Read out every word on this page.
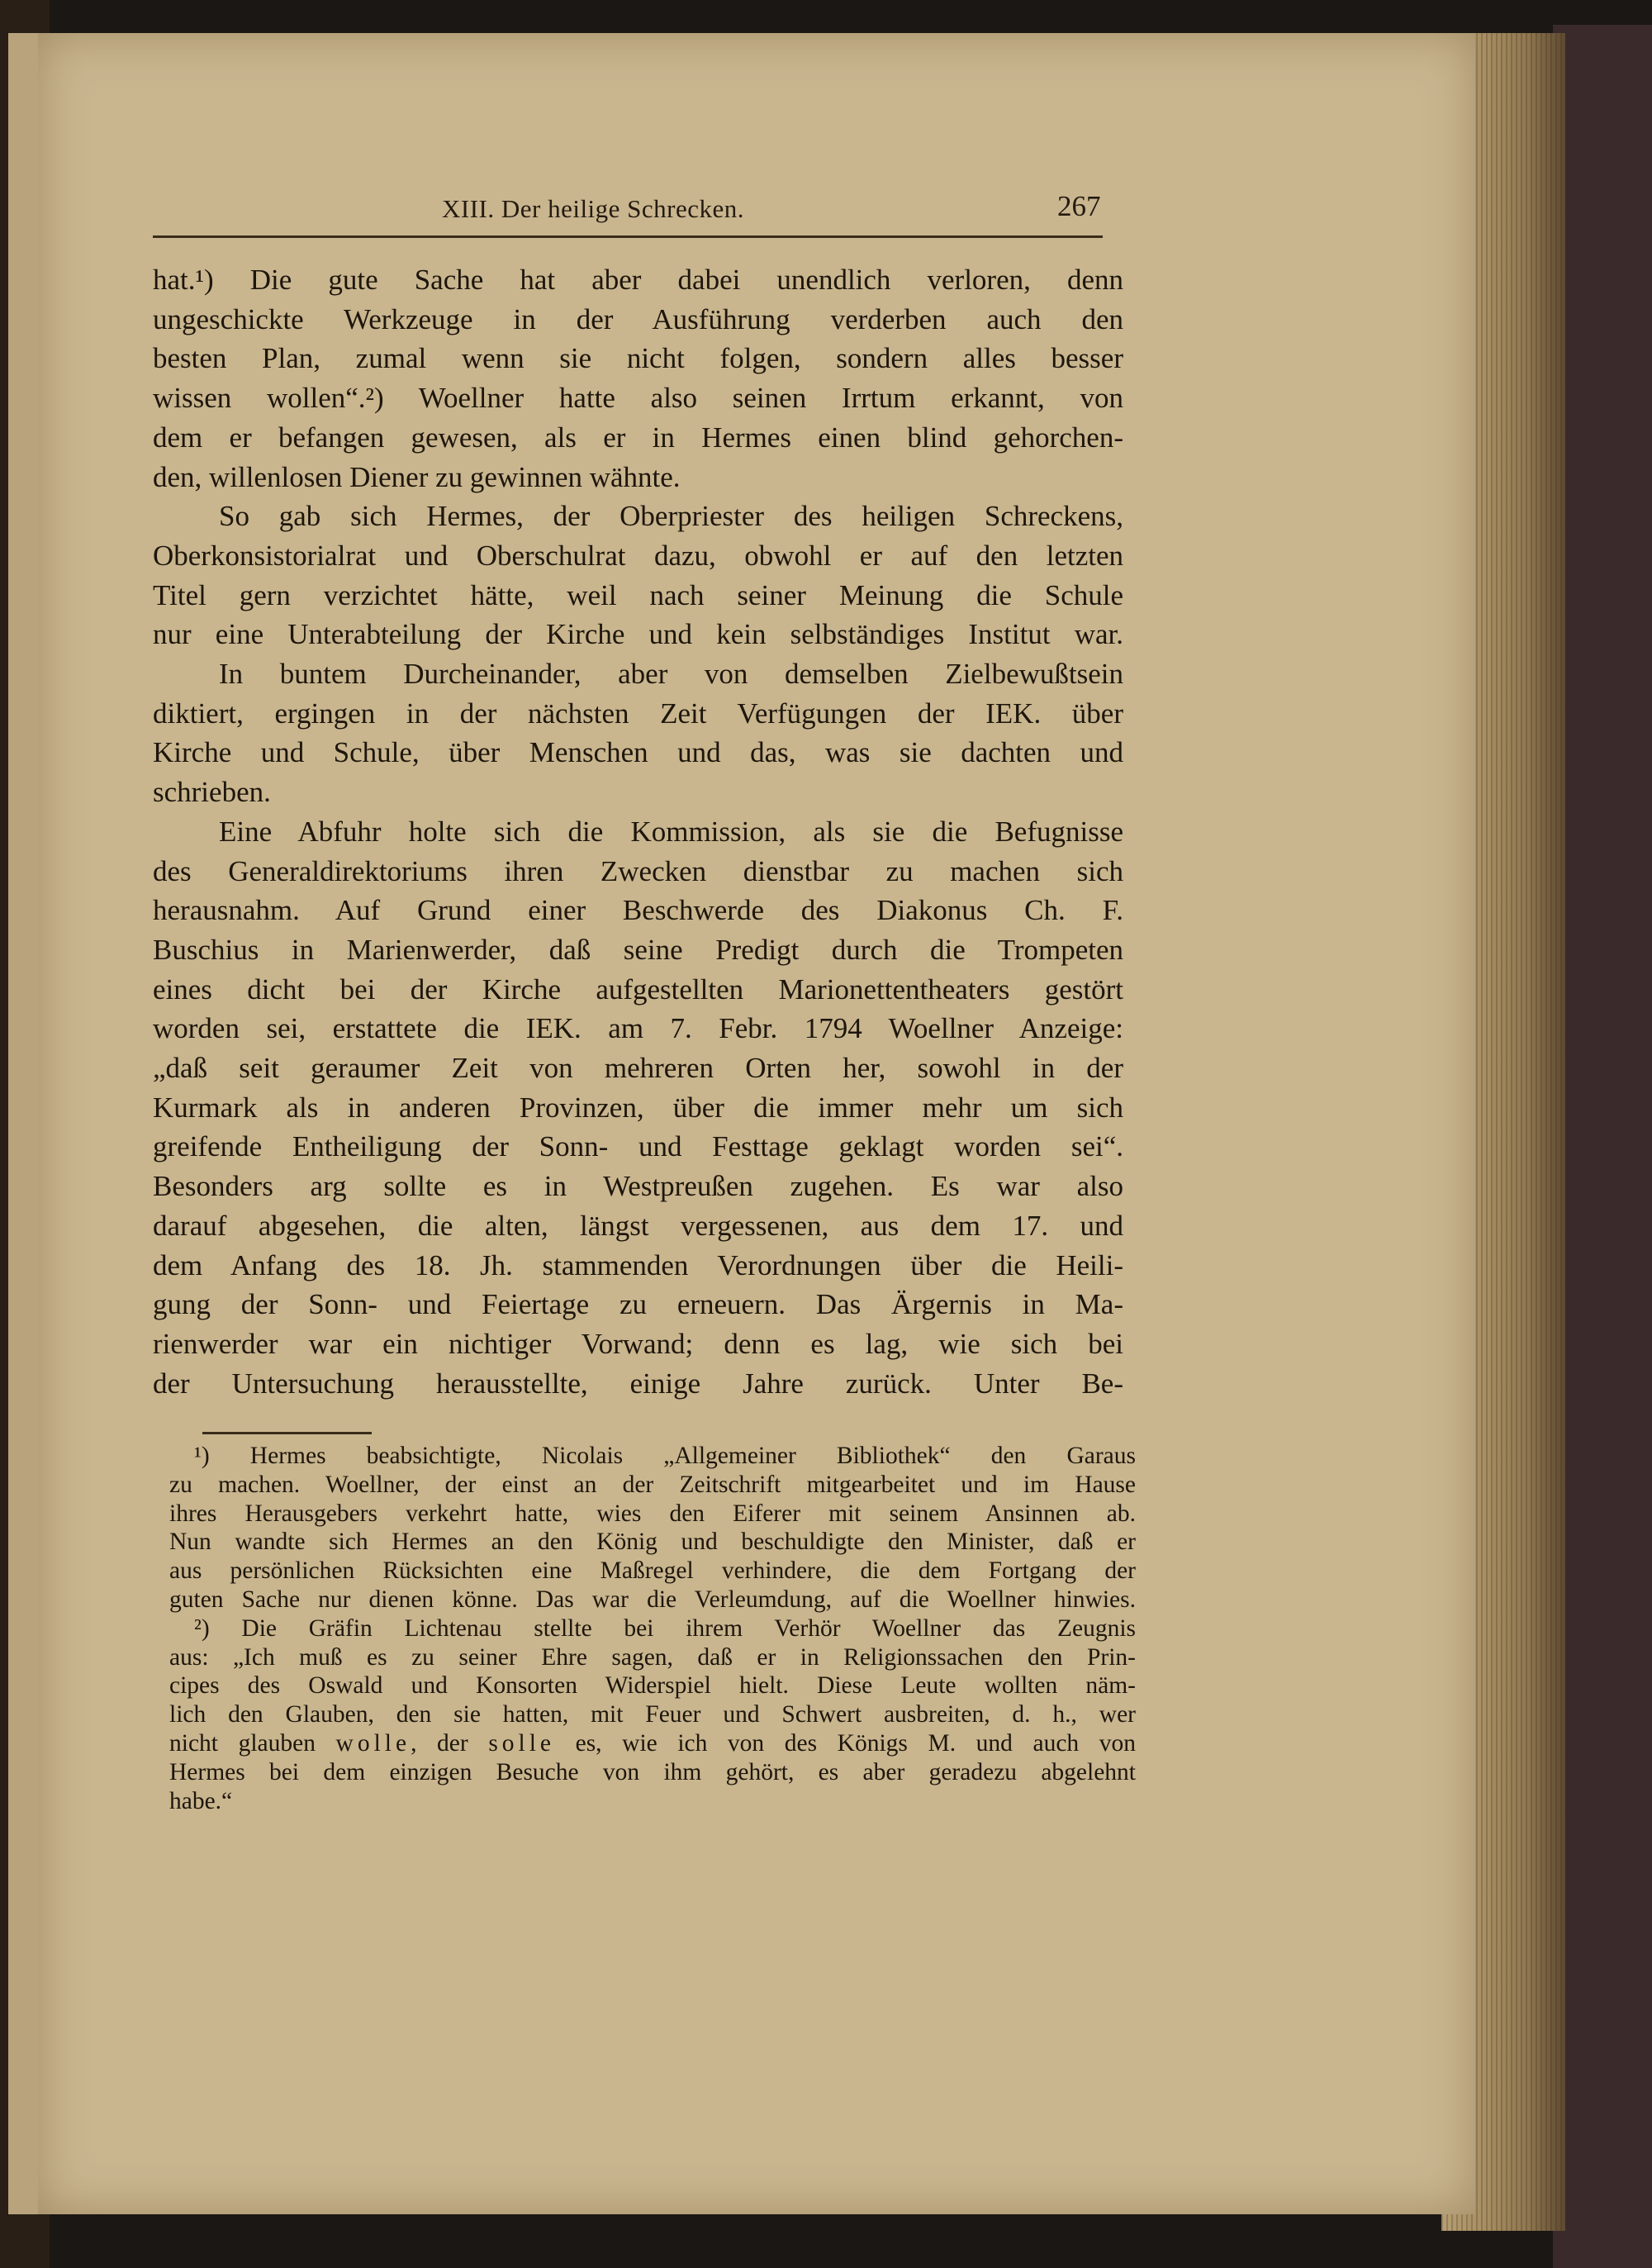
XIII. Der heilige Schrecken.	267
hat.¹) Die gute Sache hat aber dabei unendlich verloren, denn
ungeschickte Werkzeuge in der Ausführung verderben auch den
besten Plan, zumal wenn sie nicht folgen, sondern alles besser
wissen wollen“.²) Woellner hatte also seinen Irrtum erkannt, von
dem er befangen gewesen, als er in Hermes einen blind gehorchen-
den, willenlosen Diener zu gewinnen wähnte.
So gab sich Hermes, der Oberpriester des heiligen Schreckens,
Oberkonsistorialrat und Oberschulrat dazu, obwohl er auf den letzten
Titel gern verzichtet hätte, weil nach seiner Meinung die Schule
nur eine Unterabteilung der Kirche und kein selbständiges Institut war.
In buntem Durcheinander, aber von demselben Zielbewußtsein
diktiert, ergingen in der nächsten Zeit Verfügungen der IEK. über
Kirche und Schule, über Menschen und das, was sie dachten und
schrieben.
Eine Abfuhr holte sich die Kommission, als sie die Befugnisse
des Generaldirektoriums ihren Zwecken dienstbar zu machen sich
herausnahm. Auf Grund einer Beschwerde des Diakonus Ch. F.
Buschius in Marienwerder, daß seine Predigt durch die Trompeten
eines dicht bei der Kirche aufgestellten Marionettentheaters gestört
worden sei, erstattete die IEK. am 7. Febr. 1794 Woellner Anzeige:
„daß seit geraumer Zeit von mehreren Orten her, sowohl in der
Kurmark als in anderen Provinzen, über die immer mehr um sich
greifende Entheiligung der Sonn- und Festtage geklagt worden sei“.
Besonders arg sollte es in Westpreußen zugehen. Es war also
darauf abgesehen, die alten, längst vergessenen, aus dem 17. und
dem Anfang des 18. Jh. stammenden Verordnungen über die Heili-
gung der Sonn- und Feiertage zu erneuern. Das Ärgernis in Ma-
rienwerder war ein nichtiger Vorwand; denn es lag, wie sich bei
der Untersuchung herausstellte, einige Jahre zurück. Unter Be-
¹) Hermes beabsichtigte, Nicolais „Allgemeiner Bibliothek“ den Garaus
zu machen. Woellner, der einst an der Zeitschrift mitgearbeitet und im Hause
ihres Herausgebers verkehrt hatte, wies den Eiferer mit seinem Ansinnen ab.
Nun wandte sich Hermes an den König und beschuldigte den Minister, daß er
aus persönlichen Rücksichten eine Maßregel verhindere, die dem Fortgang der
guten Sache nur dienen könne. Das war die Verleumdung, auf die Woellner hinwies.
²) Die Gräfin Lichtenau stellte bei ihrem Verhör Woellner das Zeugnis
aus: „Ich muß es zu seiner Ehre sagen, daß er in Religionssachen den Prin-
cipes des Oswald und Konsorten Widerspiel hielt. Diese Leute wollten näm-
lich den Glauben, den sie hatten, mit Feuer und Schwert ausbreiten, d. h., wer
nicht glauben wolle, der solle es, wie ich von des Königs M. und auch von
Hermes bei dem einzigen Besuche von ihm gehört, es aber geradezu abgelehnt
habe.“
